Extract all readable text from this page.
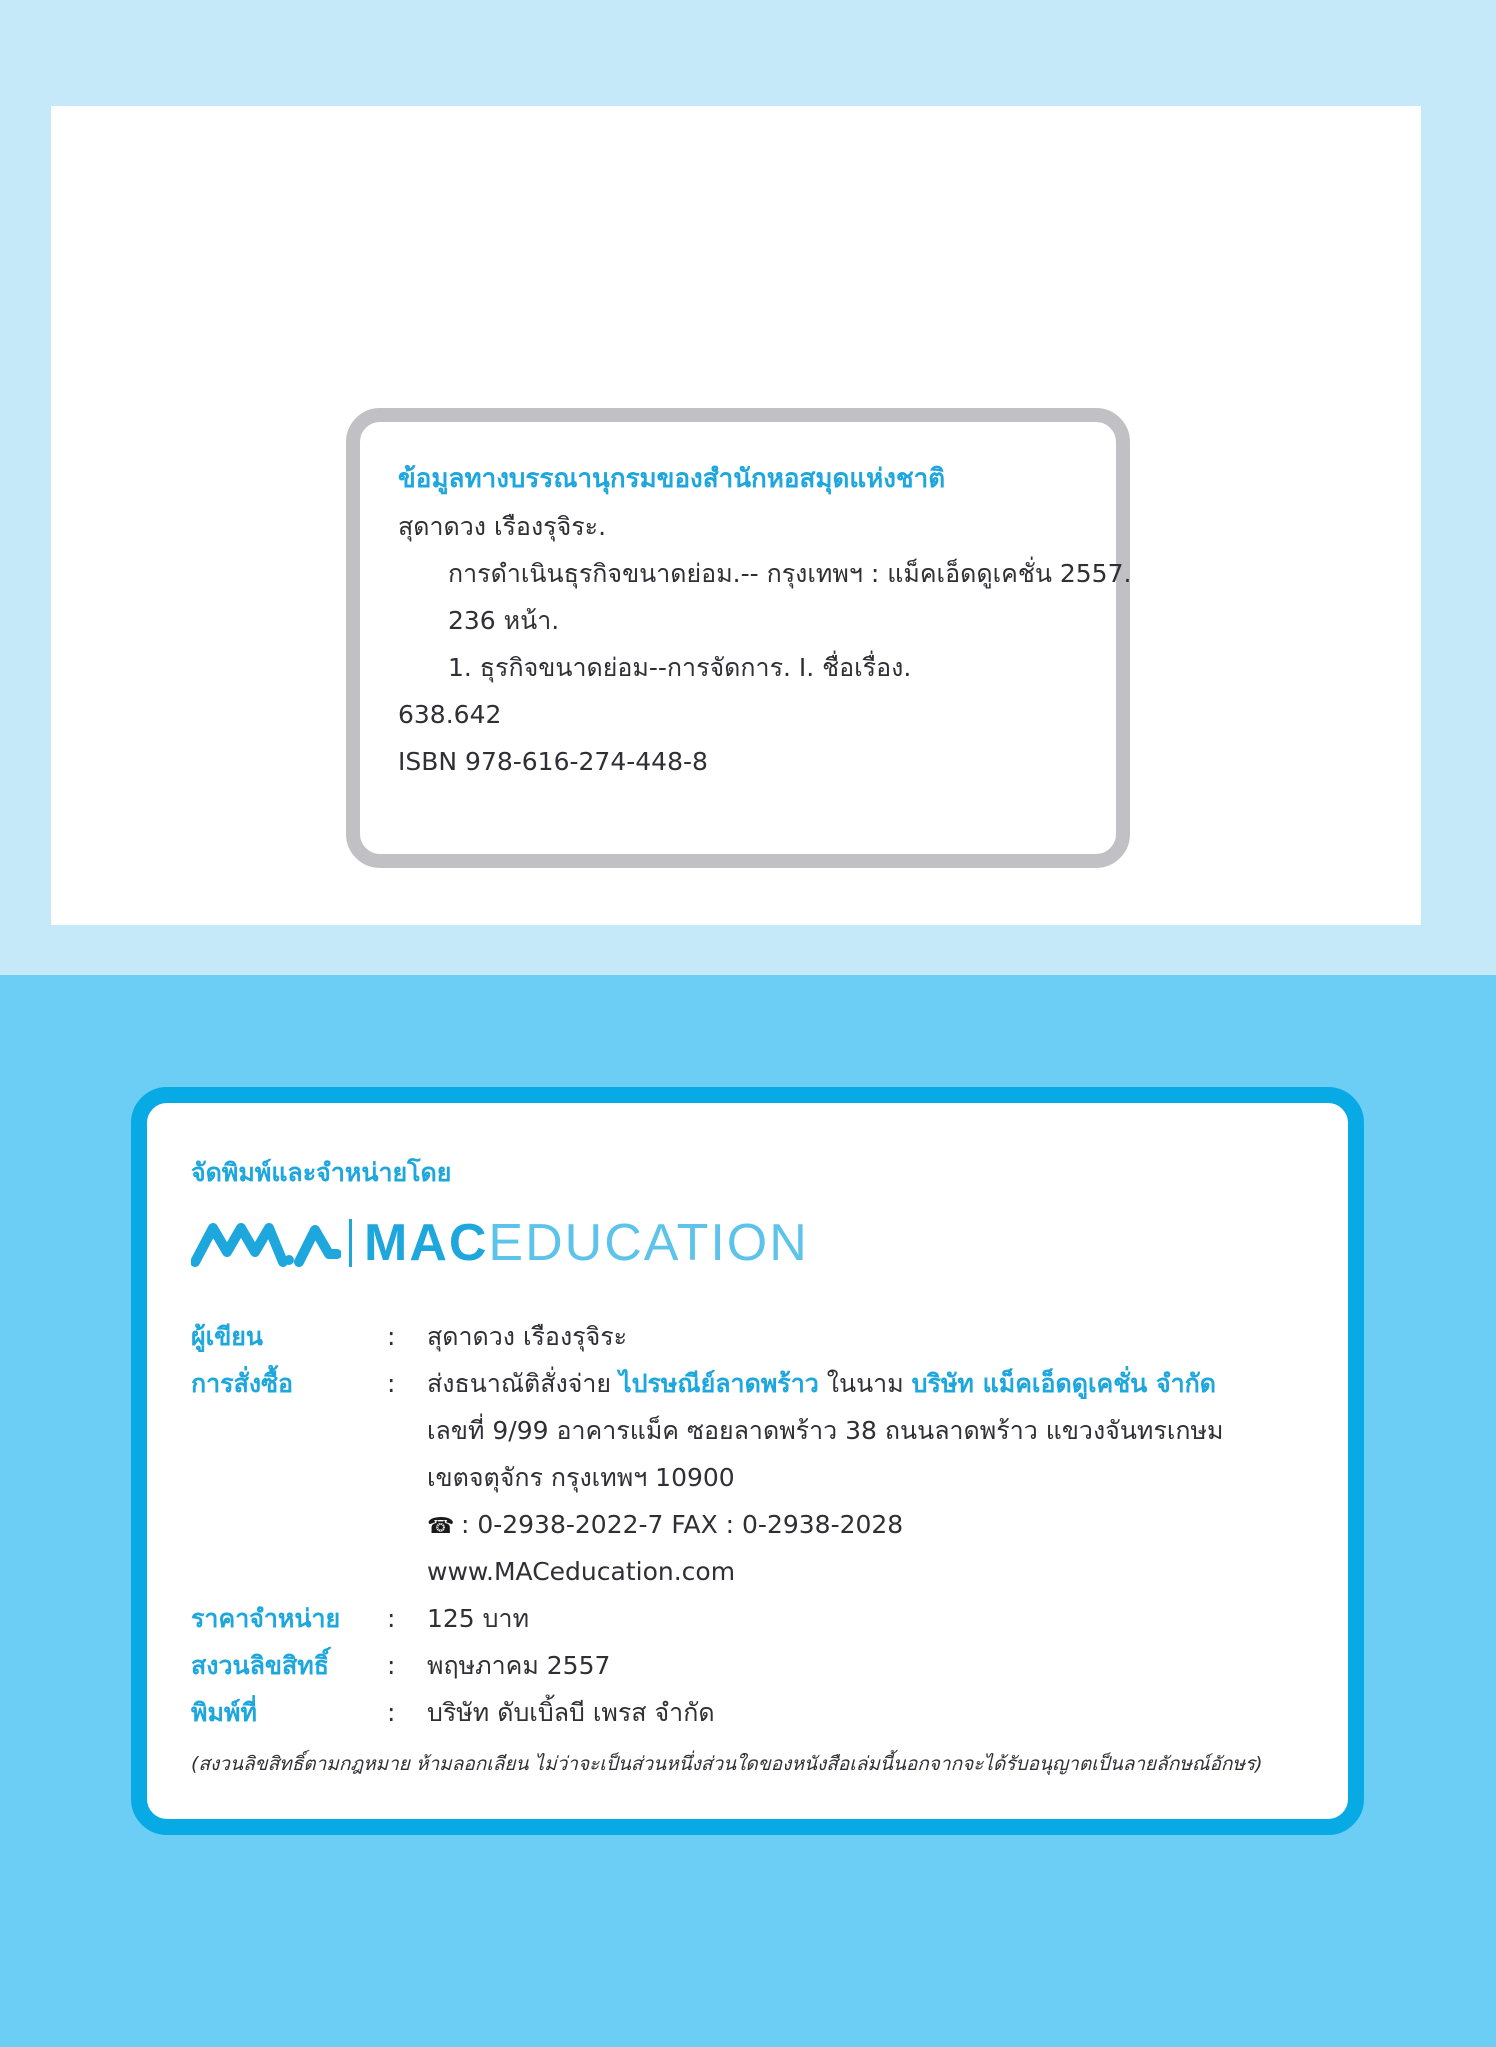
ข้อมูลทางบรรณานุกรมของสำนักหอสมุดแห่งชาติ
สุดาดวง เรืองรุจิระ.
การดำเนินธุรกิจขนาดย่อม.-- กรุงเทพฯ : แม็คเอ็ดดูเคชั่น 2557.
236 หน้า.
1. ธุรกิจขนาดย่อม--การจัดการ. I. ชื่อเรื่อง.
638.642
ISBN 978-616-274-448-8
จัดพิมพ์และจำหน่ายโดย
MACEDUCATION
ผู้เขียน	:	สุดาดวง เรืองรุจิระ
การสั่งซื้อ	:	ส่งธนาณัติสั่งจ่าย ไปรษณีย์ลาดพร้าว ในนาม บริษัท แม็คเอ็ดดูเคชั่น จำกัด
เลขที่ 9/99 อาคารแม็ค ซอยลาดพร้าว 38 ถนนลาดพร้าว แขวงจันทรเกษม
เขตจตุจักร กรุงเทพฯ 10900
☎ : 0-2938-2022-7 FAX : 0-2938-2028
www.MACeducation.com
ราคาจำหน่าย	:	125 บาท
สงวนลิขสิทธิ์	:	พฤษภาคม 2557
พิมพ์ที่	:	บริษัท ดับเบิ้ลบี เพรส จำกัด
(สงวนลิขสิทธิ์ตามกฎหมาย ห้ามลอกเลียน ไม่ว่าจะเป็นส่วนหนึ่งส่วนใดของหนังสือเล่มนี้นอกจากจะได้รับอนุญาตเป็นลายลักษณ์อักษร)
